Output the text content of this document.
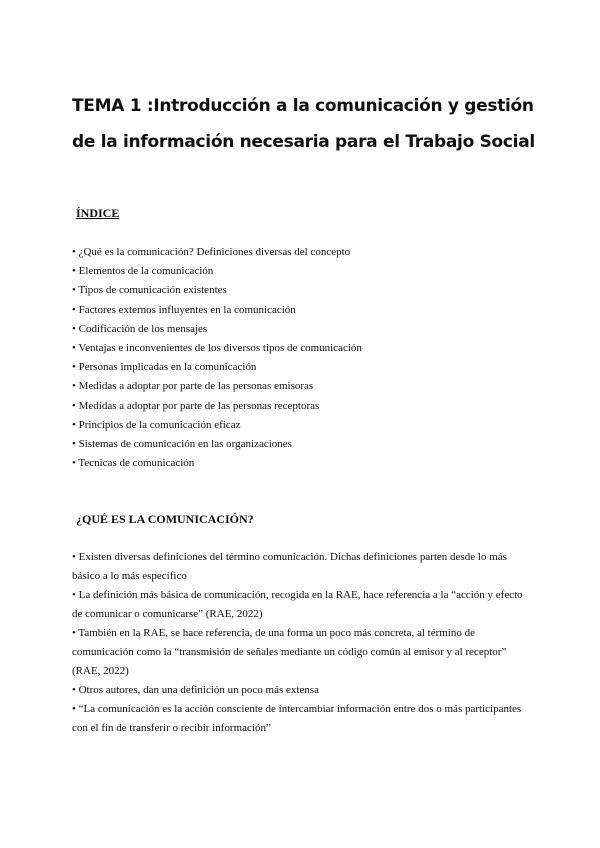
TEMA 1 :Introducción a la comunicación y gestión de la información necesaria para el Trabajo Social
ÍNDICE
• ¿Qué es la comunicación? Definiciones diversas del concepto
• Elementos de la comunicación
• Tipos de comunicación existentes
• Factores externos influyentes en la comunicación
• Codificación de los mensajes
• Ventajas e inconvenientes de los diversos tipos de comunicación
• Personas implicadas en la comunicación
• Medidas a adoptar por parte de las personas emisoras
• Medidas a adoptar por parte de las personas receptoras
• Principios de la comunicación eficaz
• Sistemas de comunicación en las organizaciones
• Tecnicas de comunicación
¿QUÉ ES LA COMUNICACIÓN?
• Existen diversas definiciones del término comunicación. Dichas definiciones parten desde lo más básico a lo más específico
• La definición más básica de comunicación, recogida en la RAE, hace referencia a la “acción y efecto de comunicar o comunicarse” (RAE, 2022)
• También en la RAE, se hace referencia, de una forma un poco más concreta, al término de comunicación como la “transmisión de señales mediante un código común al emisor y al receptor” (RAE, 2022)
• Otros autores, dan una definición un poco más extensa
• “La comunicación es la acción consciente de intercambiar información entre dos o más participantes con el fin de transferir o recibir información”
